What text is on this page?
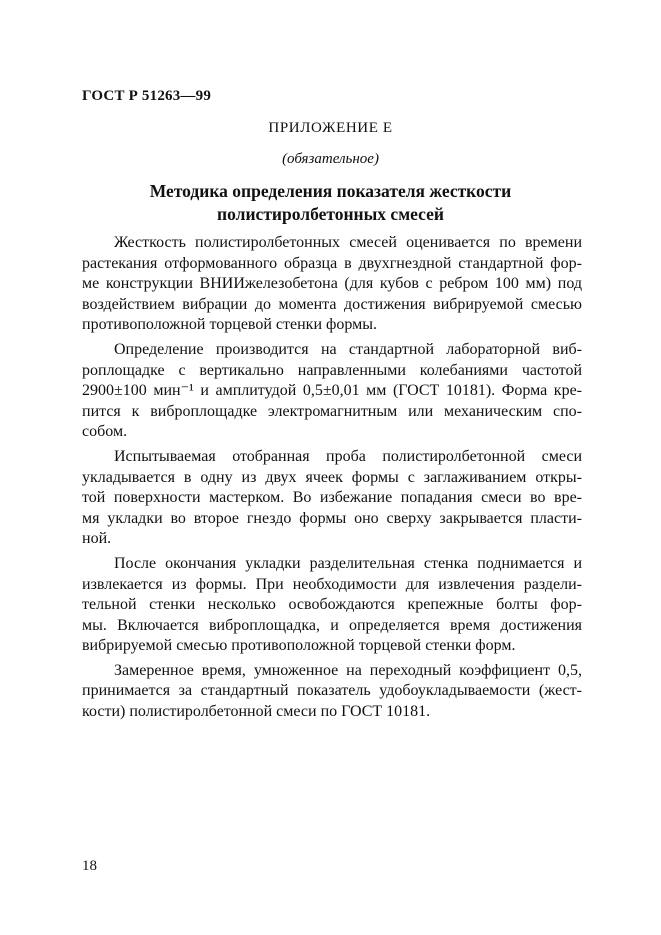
ГОСТ Р 51263—99
ПРИЛОЖЕНИЕ Е
(обязательное)
Методика определения показателя жесткости
полистиролбетонных смесей
Жесткость полистиролбетонных смесей оценивается по времени
растекания отформованного образца в двухгнездной стандартной фор-
ме конструкции ВНИИжелезобетона (для кубов с ребром 100 мм) под
воздействием вибрации до момента достижения вибрируемой смесью
противоположной торцевой стенки формы.
Определение производится на стандартной лабораторной виб-
роплощадке с вертикально направленными колебаниями частотой
2900±100 мин⁻¹ и амплитудой 0,5±0,01 мм (ГОСТ 10181). Форма кре-
пится к виброплощадке электромагнитным или механическим спо-
собом.
Испытываемая отобранная проба полистиролбетонной смеси
укладывается в одну из двух ячеек формы с заглаживанием откры-
той поверхности мастерком. Во избежание попадания смеси во вре-
мя укладки во второе гнездо формы оно сверху закрывается пласти-
ной.
После окончания укладки разделительная стенка поднимается и
извлекается из формы. При необходимости для извлечения раздели-
тельной стенки несколько освобождаются крепежные болты фор-
мы. Включается виброплощадка, и определяется время достижения
вибрируемой смесью противоположной торцевой стенки форм.
Замеренное время, умноженное на переходный коэффициент 0,5,
принимается за стандартный показатель удобоукладываемости (жест-
кости) полистиролбетонной смеси по ГОСТ 10181.
18
